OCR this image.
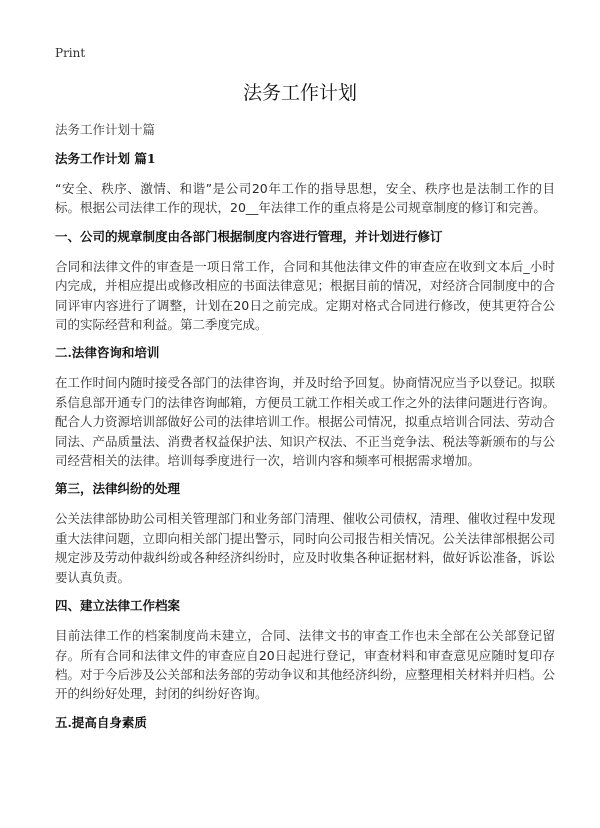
Print
法务工作计划
法务工作计划十篇
法务工作计划 篇1

“安全、秩序、激情、和谐”是公司20年工作的指导思想，安全、秩序也是法制工作的目标。根据公司法律工作的现状，20__年法律工作的重点将是公司规章制度的修订和完善。

一、公司的规章制度由各部门根据制度内容进行管理，并计划进行修订

合同和法律文件的审查是一项日常工作，合同和其他法律文件的审查应在收到文本后_小时内完成，并相应提出或修改相应的书面法律意见；根据目前的情况，对经济合同制度中的合同评审内容进行了调整，计划在20日之前完成。定期对格式合同进行修改，使其更符合公司的实际经营和利益。第二季度完成。

二.法律咨询和培训

在工作时间内随时接受各部门的法律咨询，并及时给予回复。协商情况应当予以登记。拟联系信息部开通专门的法律咨询邮箱，方便员工就工作相关或工作之外的法律问题进行咨询。配合人力资源培训部做好公司的法律培训工作。根据公司情况，拟重点培训合同法、劳动合同法、产品质量法、消费者权益保护法、知识产权法、不正当竞争法、税法等新颁布的与公司经营相关的法律。培训每季度进行一次，培训内容和频率可根据需求增加。

第三，法律纠纷的处理

公关法律部协助公司相关管理部门和业务部门清理、催收公司债权，清理、催收过程中发现重大法律问题，立即向相关部门提出警示，同时向公司报告相关情况。公关法律部根据公司规定涉及劳动仲裁纠纷或各种经济纠纷时，应及时收集各种证据材料，做好诉讼准备，诉讼要认真负责。

四、建立法律工作档案

目前法律工作的档案制度尚未建立，合同、法律文书的审查工作也未全部在公关部登记留存。所有合同和法律文件的审查应自20日起进行登记，审查材料和审查意见应随时复印存档。对于今后涉及公关部和法务部的劳动争议和其他经济纠纷，应整理相关材料并归档。公开的纠纷好处理，封闭的纠纷好咨询。

五.提高自身素质
